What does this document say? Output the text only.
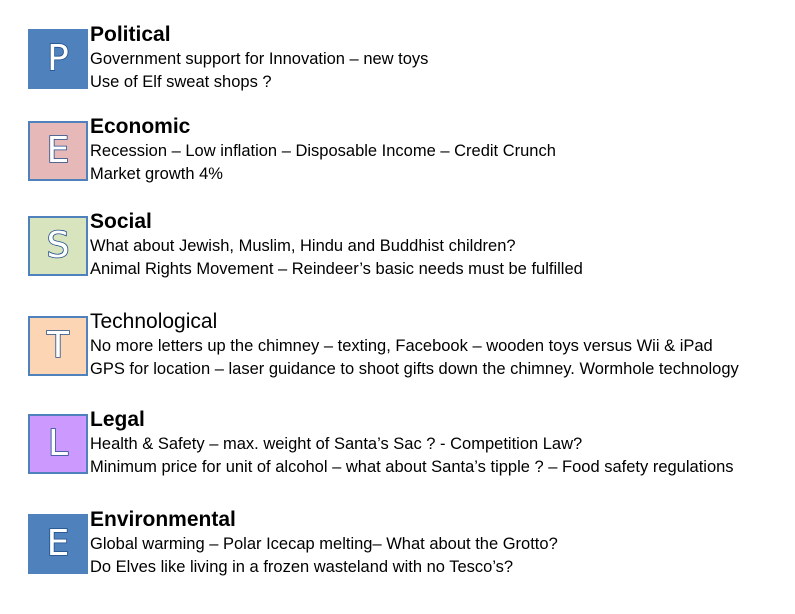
P
Political
Government support for Innovation – new toys
Use of Elf sweat shops ?
E
Economic
Recession – Low inflation – Disposable Income – Credit Crunch
Market growth 4%
S
Social
What about Jewish, Muslim, Hindu and Buddhist children?
Animal Rights Movement – Reindeer’s basic needs must be fulfilled
T
Technological
No more letters up the chimney – texting, Facebook – wooden toys versus Wii & iPad
GPS for location – laser guidance to shoot gifts down the chimney. Wormhole technology
L
Legal
Health & Safety – max. weight of Santa’s Sac ? - Competition Law?
Minimum price for unit of alcohol – what about Santa’s tipple ? – Food safety regulations
E
Environmental
Global warming – Polar Icecap melting– What about the Grotto?
Do Elves like living in a frozen wasteland with no Tesco’s?
